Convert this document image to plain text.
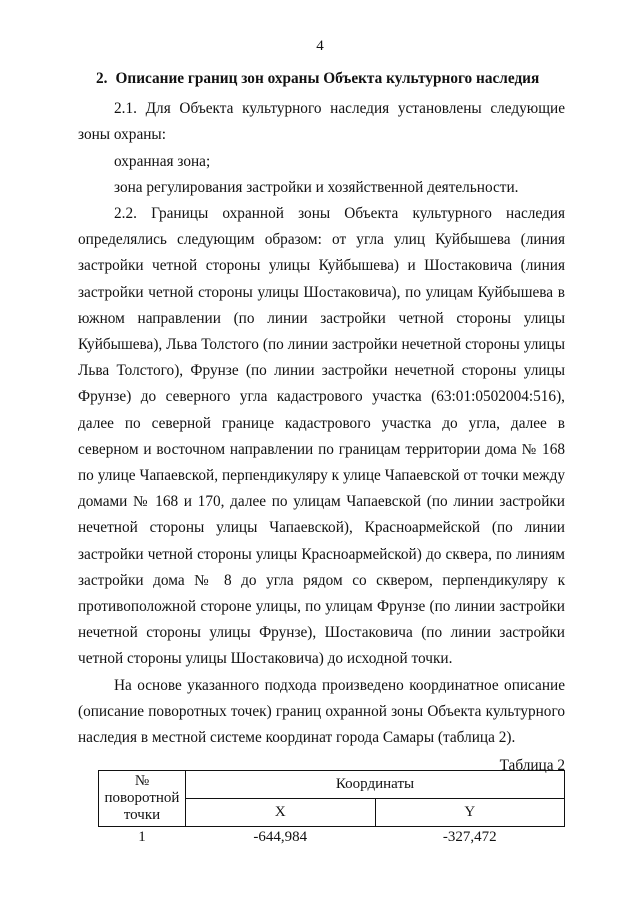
4
2. Описание границ зон охраны Объекта культурного наследия

2.1. Для Объекта культурного наследия установлены следующие зоны охраны:

охранная зона;

зона регулирования застройки и хозяйственной деятельности.

2.2. Границы охранной зоны Объекта культурного наследия определялись следующим образом: от угла улиц Куйбышева (линия застройки четной стороны улицы Куйбышева) и Шостаковича (линия застройки четной стороны улицы Шостаковича), по улицам Куйбышева в южном направлении (по линии застройки четной стороны улицы Куйбышева), Льва Толстого (по линии застройки нечетной стороны улицы Льва Толстого), Фрунзе (по линии застройки нечетной стороны улицы Фрунзе) до северного угла кадастрового участка (63:01:0502004:516), далее по северной границе кадастрового участка до угла, далее в северном и восточном направлении по границам территории дома № 168 по улице Чапаевской, перпендикуляру к улице Чапаевской от точки между домами № 168 и 170, далее по улицам Чапаевской (по линии застройки нечетной стороны улицы Чапаевской), Красноармейской (по линии застройки четной стороны улицы Красноармейской) до сквера, по линиям застройки дома № 8 до угла рядом со сквером, перпендикуляру к противоположной стороне улицы, по улицам Фрунзе (по линии застройки нечетной стороны улицы Фрунзе), Шостаковича (по линии застройки четной стороны улицы Шостаковича) до исходной точки.

На основе указанного подхода произведено координатное описание (описание поворотных точек) границ охранной зоны Объекта культурного наследия в местной системе координат города Самары (таблица 2).

Таблица 2
№ поворотной точки	Координаты	
	X	Y
1	-644,984	-327,472
